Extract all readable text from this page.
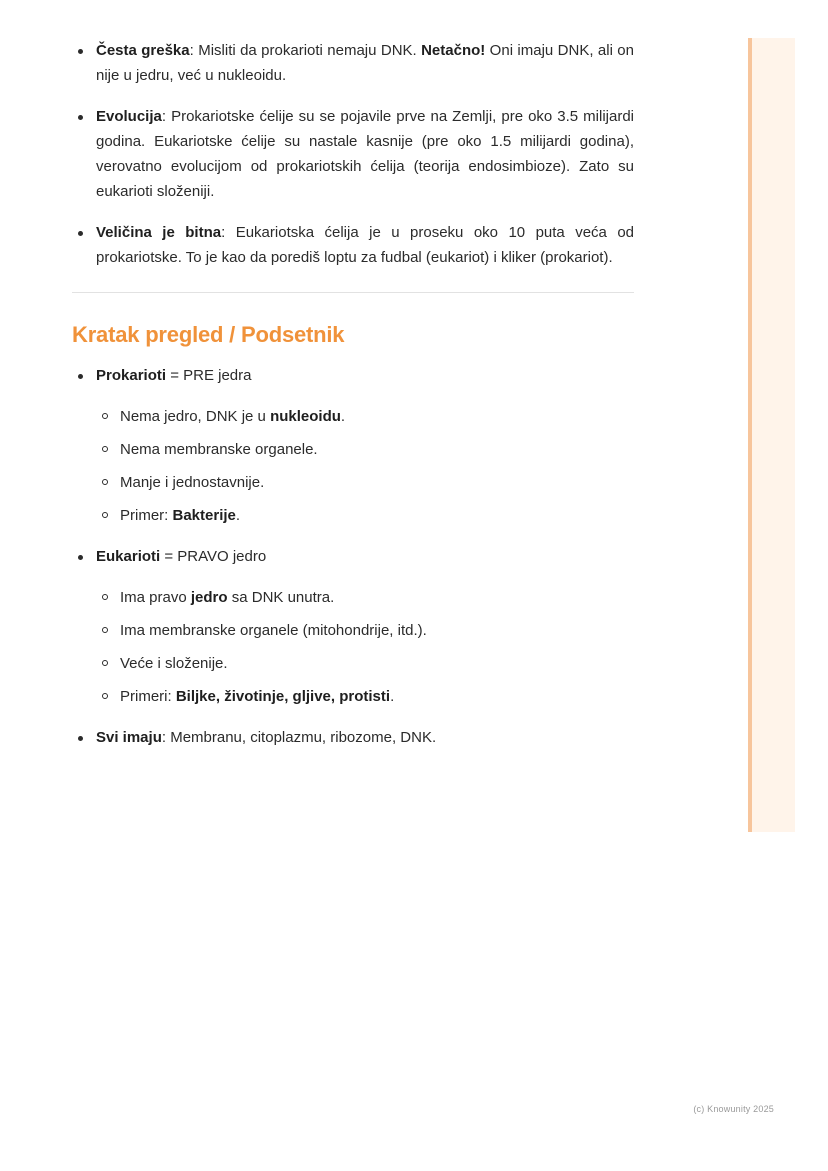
Česta greška: Misliti da prokarioti nemaju DNK. Netačno! Oni imaju DNK, ali on nije u jedru, već u nukleoidu.
Evolucija: Prokariotske ćelije su se pojavile prve na Zemlji, pre oko 3.5 milijardi godina. Eukariotske ćelije su nastale kasnije (pre oko 1.5 milijardi godina), verovatno evolucijom od prokariotskih ćelija (teorija endosimbioze). Zato su eukarioti složeniji.
Veličina je bitna: Eukariotska ćelija je u proseku oko 10 puta veća od prokariotske. To je kao da porediš loptu za fudbal (eukariot) i kliker (prokariot).
Kratak pregled / Podsetnik
Prokarioti = PRE jedra
Nema jedro, DNK je u nukleoidu.
Nema membranske organele.
Manje i jednostavnije.
Primer: Bakterije.
Eukarioti = PRAVO jedro
Ima pravo jedro sa DNK unutra.
Ima membranske organele (mitohondrije, itd.).
Veće i složenije.
Primeri: Biljke, životinje, gljive, protisti.
Svi imaju: Membranu, citoplazmu, ribozome, DNK.
(c) Knowunity 2025
